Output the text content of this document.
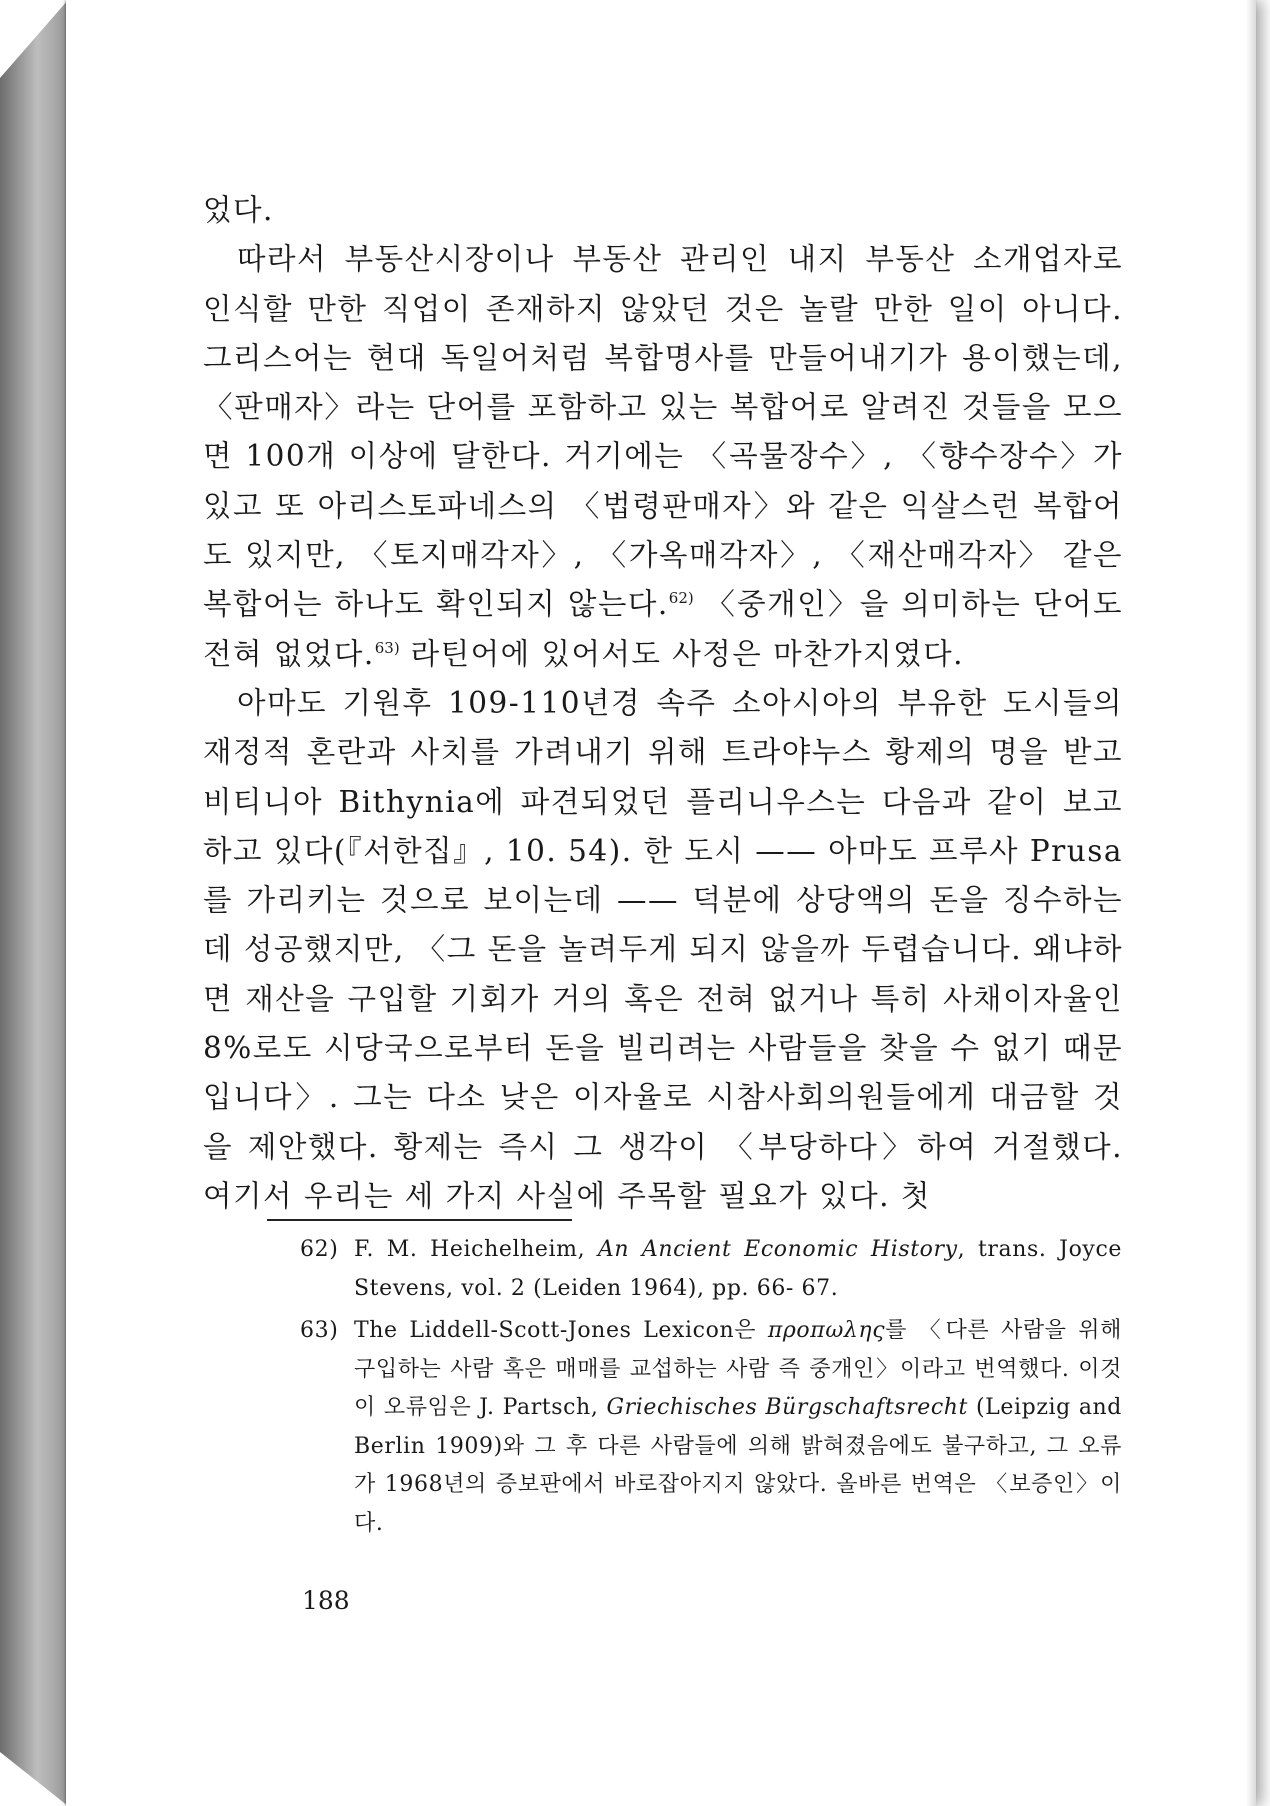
었다.

따라서 부동산시장이나 부동산 관리인 내지 부동산 소개업자로 인식할 만한 직업이 존재하지 않았던 것은 놀랄 만한 일이 아니다. 그리스어는 현대 독일어처럼 복합명사를 만들어내기가 용이했는데, 〈판매자〉라는 단어를 포함하고 있는 복합어로 알려진 것들을 모으면 100개 이상에 달한다. 거기에는 〈곡물장수〉, 〈향수장수〉가 있고 또 아리스토파네스의 〈법령판매자〉와 같은 익살스런 복합어도 있지만, 〈토지매각자〉, 〈가옥매각자〉, 〈재산매각자〉 같은 복합어는 하나도 확인되지 않는다.$^{62)}$ 〈중개인〉을 의미하는 단어도 전혀 없었다.$^{63)}$ 라틴어에 있어서도 사정은 마찬가지였다.

아마도 기원후 109-110년경 속주 소아시아의 부유한 도시들의 재정적 혼란과 사치를 가려내기 위해 트라야누스 황제의 명을 받고 비티니아 Bithynia에 파견되었던 플리니우스는 다음과 같이 보고하고 있다(『서한집』, 10. 54). 한 도시 —— 아마도 프루사 Prusa를 가리키는 것으로 보이는데 —— 덕분에 상당액의 돈을 징수하는데 성공했지만, 〈그 돈을 놀려두게 되지 않을까 두렵습니다. 왜냐하면 재산을 구입할 기회가 거의 혹은 전혀 없거나 특히 사채이자율인 8%로도 시당국으로부터 돈을 빌리려는 사람들을 찾을 수 없기 때문입니다〉. 그는 다소 낮은 이자율로 시참사회의원들에게 대금할 것을 제안했다. 황제는 즉시 그 생각이 〈부당하다〉하여 거절했다. 여기서 우리는 세 가지 사실에 주목할 필요가 있다. 첫

62) F. M. Heichelheim, An Ancient Economic History, trans. Joyce Stevens, vol. 2 (Leiden 1964), pp. 66- 67.

63) The Liddell-Scott-Jones Lexicon은 προπωλης를 〈다른 사람을 위해 구입하는 사람 혹은 매매를 교섭하는 사람 즉 중개인〉이라고 번역했다. 이것이 오류임은 J. Partsch, Griechisches Bürgschaftsrecht (Leipzig and Berlin 1909)와 그 후 다른 사람들에 의해 밝혀졌음에도 불구하고, 그 오류가 1968년의 증보판에서 바로잡아지지 않았다. 올바른 번역은 〈보증인〉이다.

188
